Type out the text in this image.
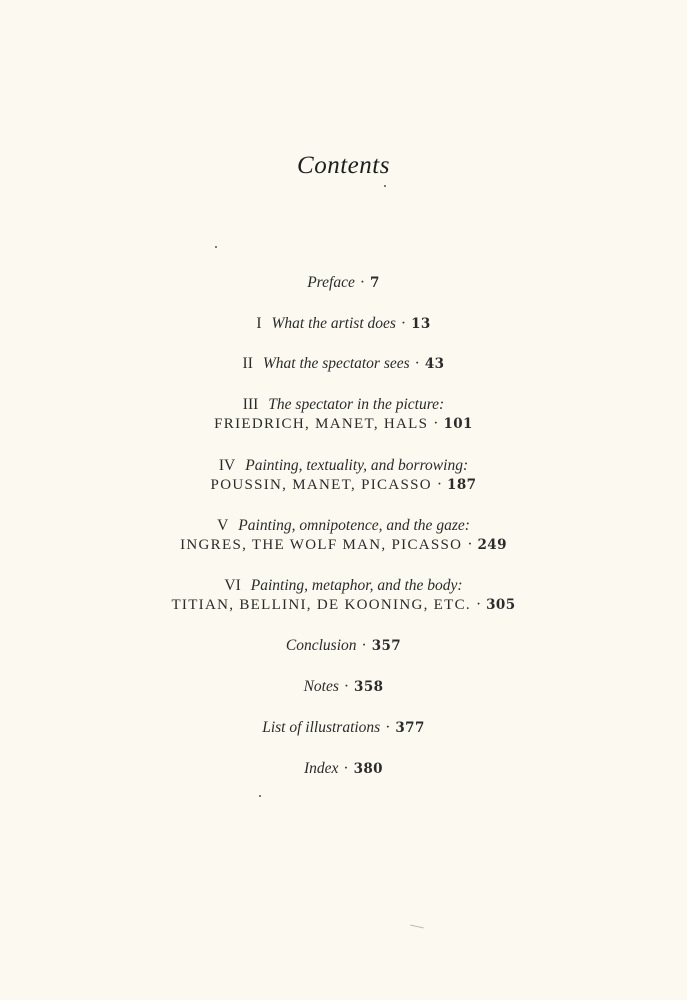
Contents
Preface · 7
I What the artist does · 13
II What the spectator sees · 43
III The spectator in the picture:
FRIEDRICH, MANET, HALS · 101
IV Painting, textuality, and borrowing:
POUSSIN, MANET, PICASSO · 187
V Painting, omnipotence, and the gaze:
INGRES, THE WOLF MAN, PICASSO · 249
VI Painting, metaphor, and the body:
TITIAN, BELLINI, DE KOONING, ETC. · 305
Conclusion · 357
Notes · 358
List of illustrations · 377
Index · 380
